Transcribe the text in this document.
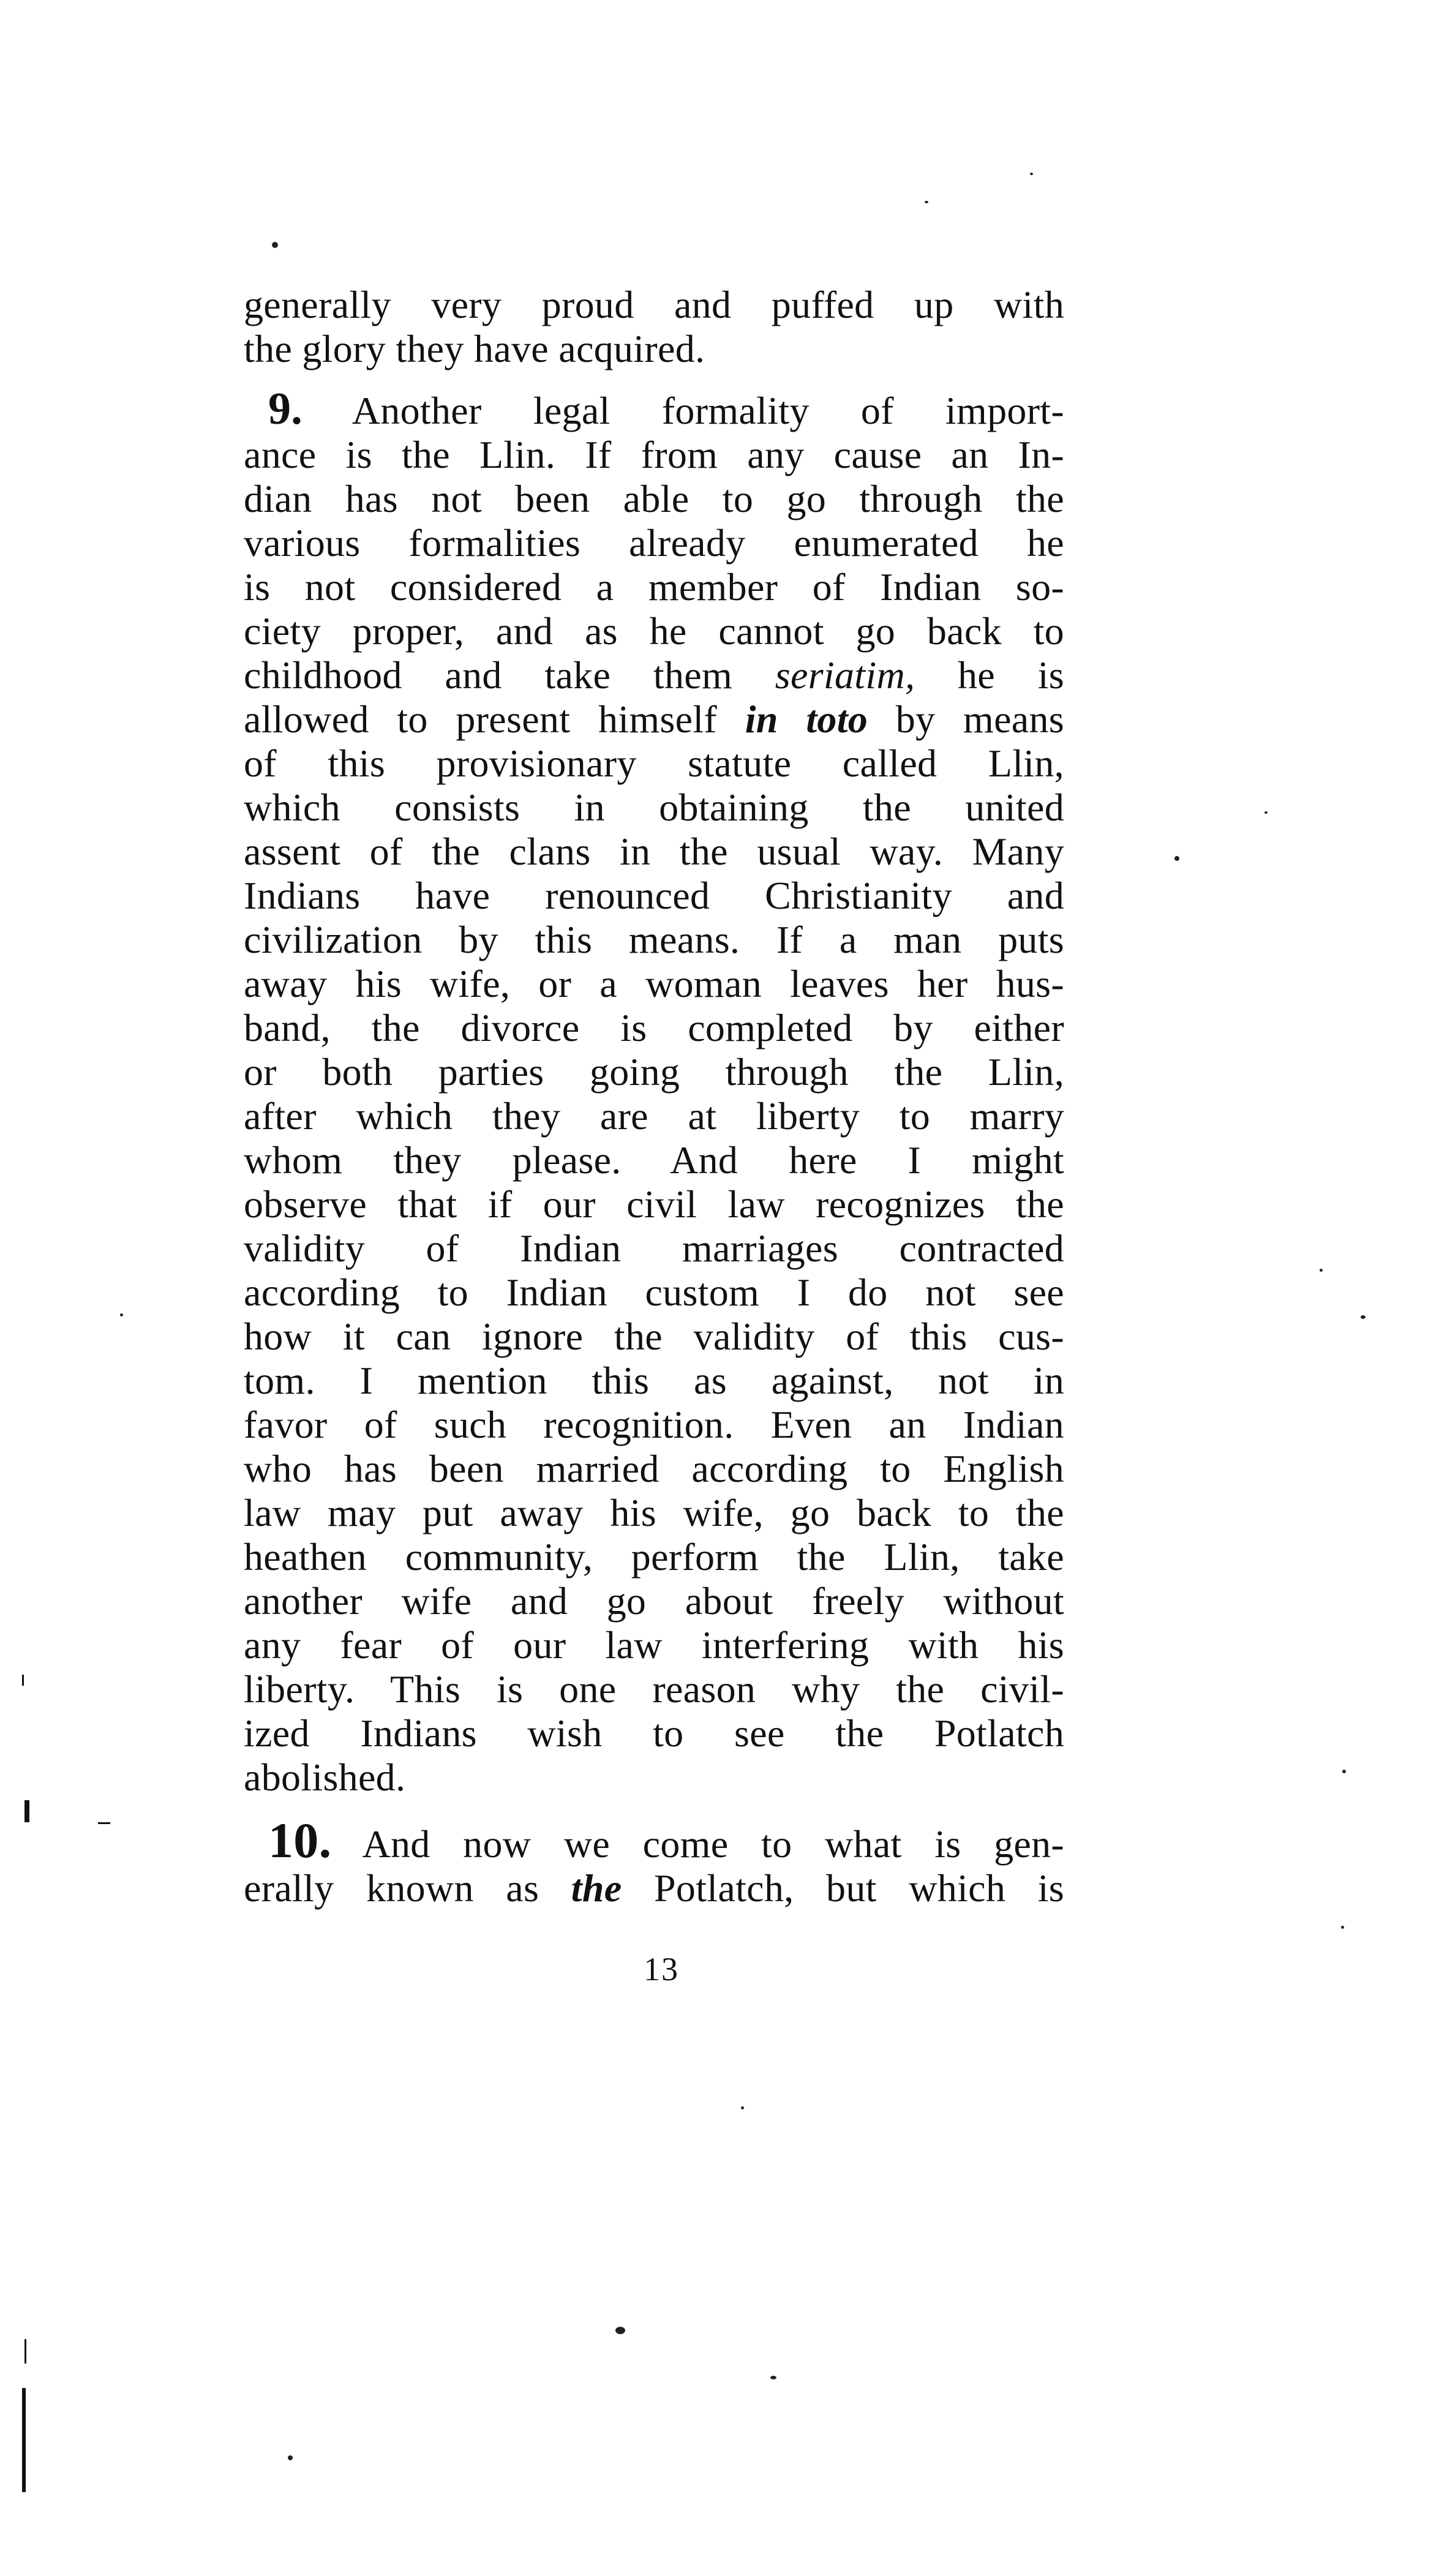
generally very proud and puffed up with
the glory they have acquired.
9. Another legal formality of import-
ance is the Llin. If from any cause an In-
dian has not been able to go through the
various formalities already enumerated he
is not considered a member of Indian so-
ciety proper, and as he cannot go back to
childhood and take them seriatim, he is
allowed to present himself in toto by means
of this provisionary statute called Llin,
which consists in obtaining the united
assent of the clans in the usual way. Many
Indians have renounced Christianity and
civilization by this means. If a man puts
away his wife, or a woman leaves her hus-
band, the divorce is completed by either
or both parties going through the Llin,
after which they are at liberty to marry
whom they please. And here I might
observe that if our civil law recognizes the
validity of Indian marriages contracted
according to Indian custom I do not see
how it can ignore the validity of this cus-
tom. I mention this as against, not in
favor of such recognition. Even an Indian
who has been married according to English
law may put away his wife, go back to the
heathen community, perform the Llin, take
another wife and go about freely without
any fear of our law interfering with his
liberty. This is one reason why the civil-
ized Indians wish to see the Potlatch
abolished.
10. And now we come to what is gen-
erally known as the Potlatch, but which is
13
